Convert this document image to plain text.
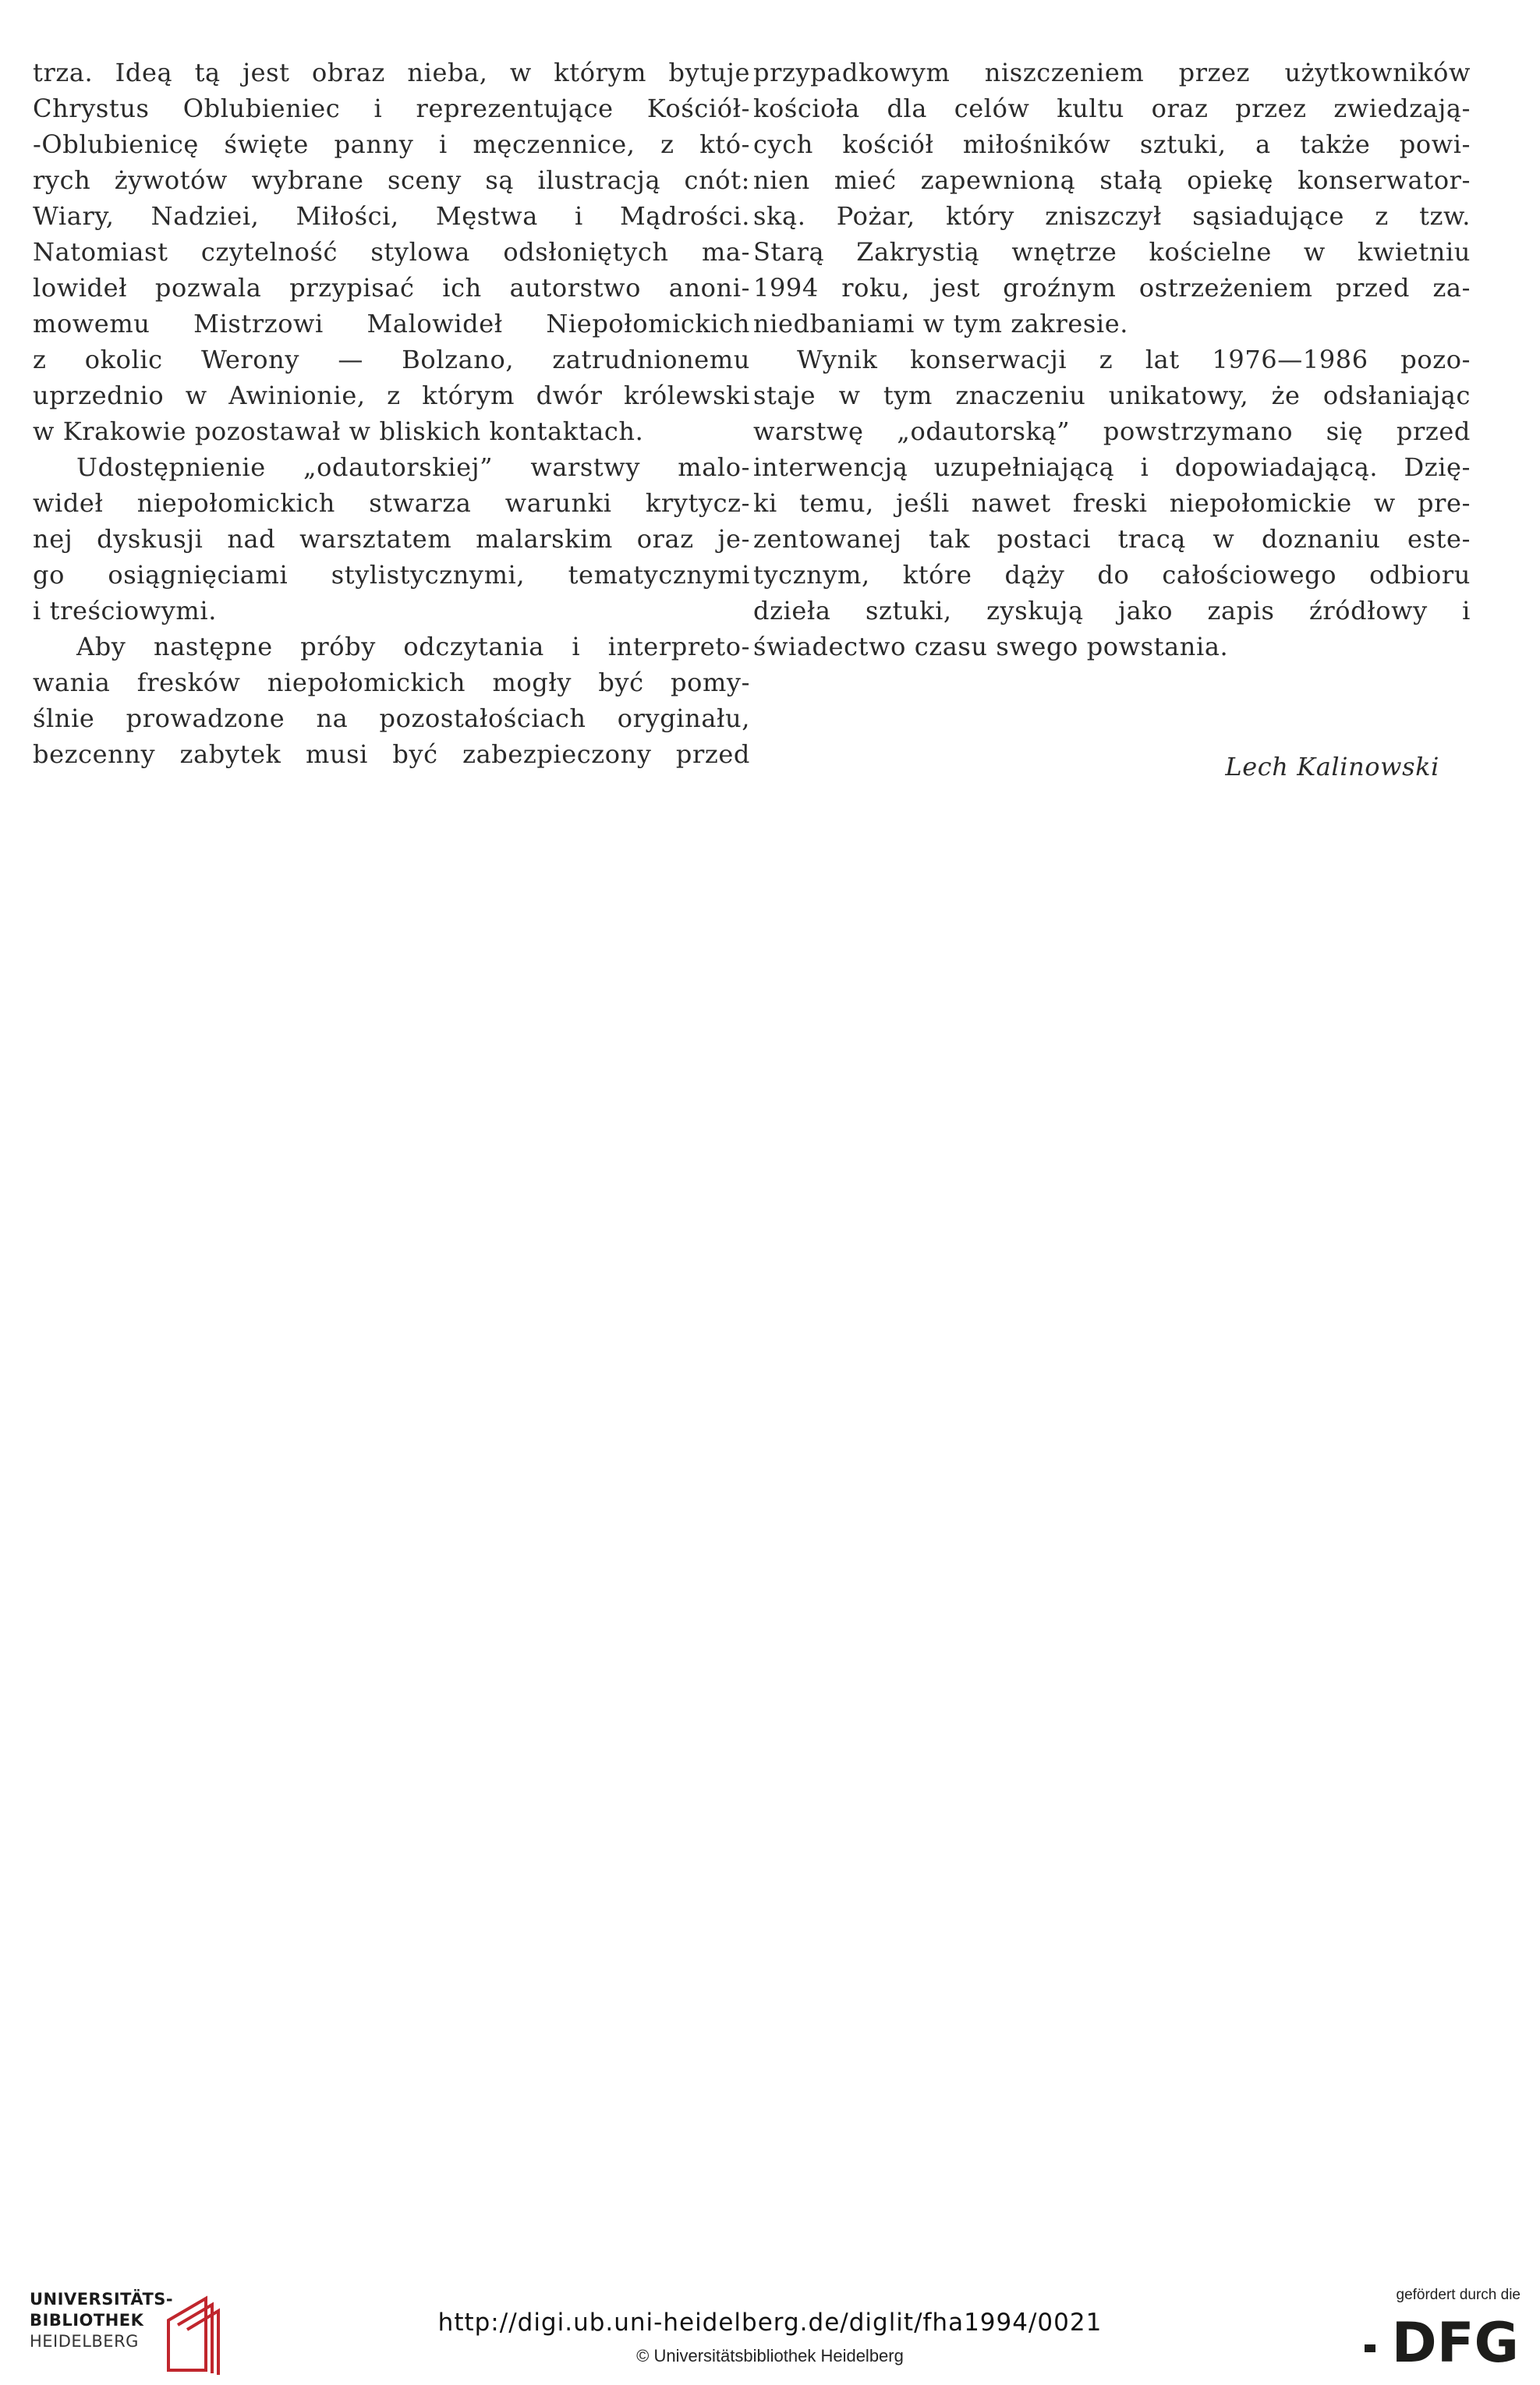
trza. Ideą tą jest obraz nieba, w którym bytuje
Chrystus Oblubieniec i reprezentujące Kościół-
-Oblubienicę święte panny i męczennice, z któ-
rych żywotów wybrane sceny są ilustracją cnót:
Wiary, Nadziei, Miłości, Męstwa i Mądrości.
Natomiast czytelność stylowa odsłoniętych ma-
lowideł pozwala przypisać ich autorstwo anoni-
mowemu Mistrzowi Malowideł Niepołomickich
z okolic Werony — Bolzano, zatrudnionemu
uprzednio w Awinionie, z którym dwór królewski
w Krakowie pozostawał w bliskich kontaktach.
Udostępnienie „odautorskiej” warstwy malo-
wideł niepołomickich stwarza warunki krytycz-
nej dyskusji nad warsztatem malarskim oraz je-
go osiągnięciami stylistycznymi, tematycznymi
i treściowymi.
Aby następne próby odczytania i interpreto-
wania fresków niepołomickich mogły być pomy-
ślnie prowadzone na pozostałościach oryginału,
bezcenny zabytek musi być zabezpieczony przed
przypadkowym niszczeniem przez użytkowników
kościoła dla celów kultu oraz przez zwiedzają-
cych kościół miłośników sztuki, a także powi-
nien mieć zapewnioną stałą opiekę konserwator-
ską. Pożar, który zniszczył sąsiadujące z tzw.
Starą Zakrystią wnętrze kościelne w kwietniu
1994 roku, jest groźnym ostrzeżeniem przed za-
niedbaniami w tym zakresie.
Wynik konserwacji z lat 1976—1986 pozo-
staje w tym znaczeniu unikatowy, że odsłaniając
warstwę „odautorską” powstrzymano się przed
interwencją uzupełniającą i dopowiadającą. Dzię-
ki temu, jeśli nawet freski niepołomickie w pre-
zentowanej tak postaci tracą w doznaniu este-
tycznym, które dąży do całościowego odbioru
dzieła sztuki, zyskują jako zapis źródłowy i
świadectwo czasu swego powstania.
Lech Kalinowski
UNIVERSITÄTS-
BIBLIOTHEK
HEIDELBERG
http://digi.ub.uni-heidelberg.de/diglit/fha1994/0021
© Universitätsbibliothek Heidelberg
gefördert durch die
DFG
